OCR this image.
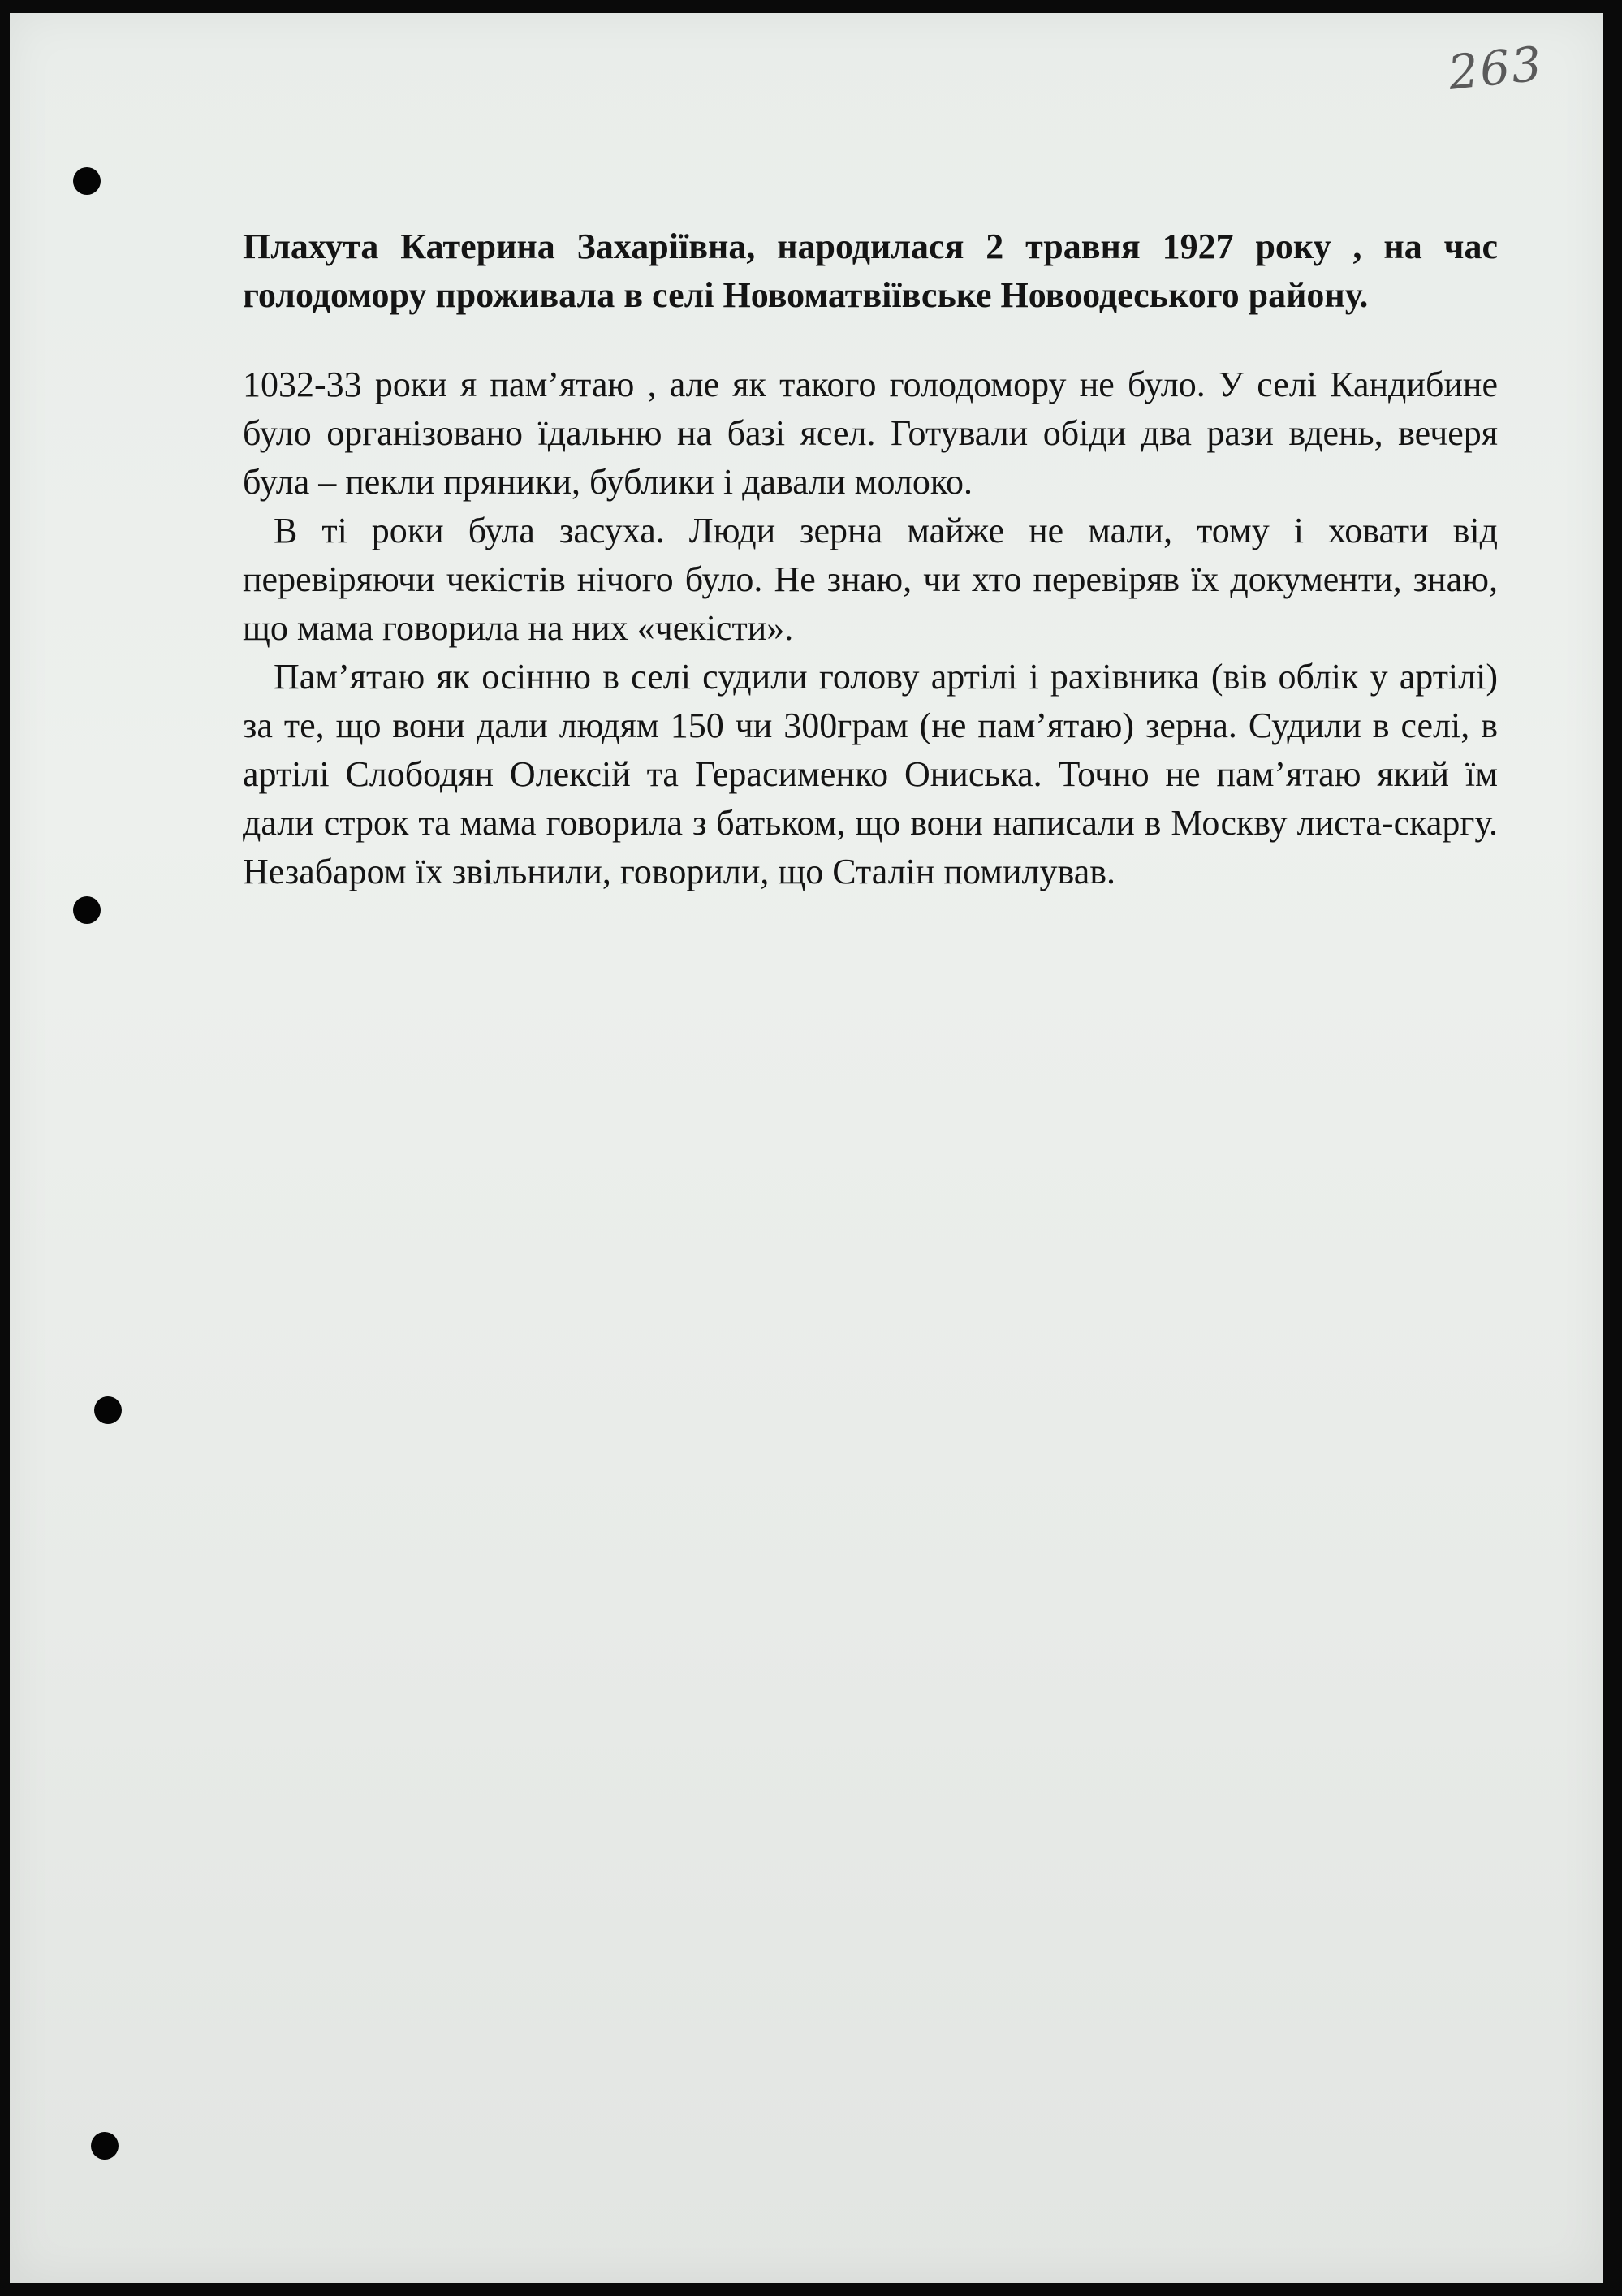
263

Плахута Катерина Захаріївна, народилася 2 травня 1927 року , на час голодомору проживала в селі Новоматвіївське Новоодеського району.

1032-33 роки я пам’ятаю , але як такого голодомору не було. У селі Кандибине було організовано їдальню на базі ясел. Готували обіди два рази вдень, вечеря була – пекли пряники, бублики і давали молоко.

В ті роки була засуха. Люди зерна майже не мали, тому і ховати від перевіряючи чекістів нічого було. Не знаю, чи хто перевіряв їх документи, знаю, що мама говорила на них «чекісти».

Пам’ятаю як осінню в селі судили голову артілі і рахівника (вів облік у артілі) за те, що вони дали людям 150 чи 300грам (не пам’ятаю) зерна. Судили в селі, в артілі Слободян Олексій та Герасименко Ониська. Точно не пам’ятаю який їм дали строк та мама говорила з батьком, що вони написали в Москву листа-скаргу. Незабаром їх звільнили, говорили, що Сталін помилував.
